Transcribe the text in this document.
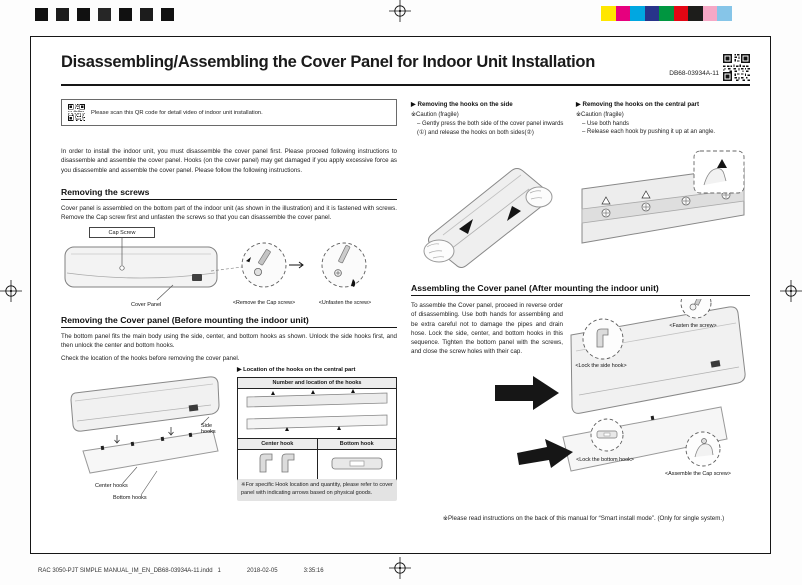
Disassembling/Assembling the Cover Panel for Indoor Unit Installation
DB68-03934A-11
Please scan this QR code for detail video of indoor unit installation.
In order to install the indoor unit, you must disassemble the cover panel first. Please proceed following instructions to disassemble and assemble the cover panel. Hooks (on the cover panel) may get damaged if you apply excessive force as you disassemble and assemble the cover panel. Please follow the following instructions.
Removing the screws
Cover panel is assembled on the bottom part of the indoor unit (as shown in the illustration) and it is fastened with screws. Remove the Cap screw first and unfasten the screws so that you can disassemble the cover panel.
Cap Screw
Cover Panel	<Remove the Cap screw>	<Unfasten the screw>
Removing the Cover panel (Before mounting the indoor unit)
The bottom panel fits the main body using the side, center, and bottom hooks as shown. Unlock the side hooks first, and then unlock the center and bottom hooks.
Check the location of the hooks before removing the cover panel.
Side hooks
Center hooks
Bottom hooks
▶ Location of the hooks on the central part
Number and location of the hooks	

Center hook	Bottom hook

※For specific Hook location and quantity, please refer to cover panel with indicating arrows based on physical goods.
▶ Removing the hooks on the side
※Caution (fragile)
– Gently press the both side of the cover panel inwards (①) and release the hooks on both sides(②)
▶ Removing the hooks on the central part
※Caution (fragile)
– Use both hands
– Release each hook by pushing it up at an angle.
Assembling the Cover panel (After mounting the indoor unit)
To assemble the Cover panel, proceed in reverse order of disassembling. Use both hands for assembling and be extra careful not to damage the pipes and drain hose. Lock the side, center, and bottom hooks in this sequence. Tighten the bottom panel with the screws, and close the screw holes with their cap.
<Lock the side hook>
<Fasten the screw>
<Lock the bottom hook>
<Assemble the Cap screw>
※Please read instructions on the back of this manual for “Smart install mode”. (Only for single system.)
RAC 3050-PJT SIMPLE MANUAL_IM_EN_DB68-03934A-11.indd   1	2018-02-05	3:35:16
